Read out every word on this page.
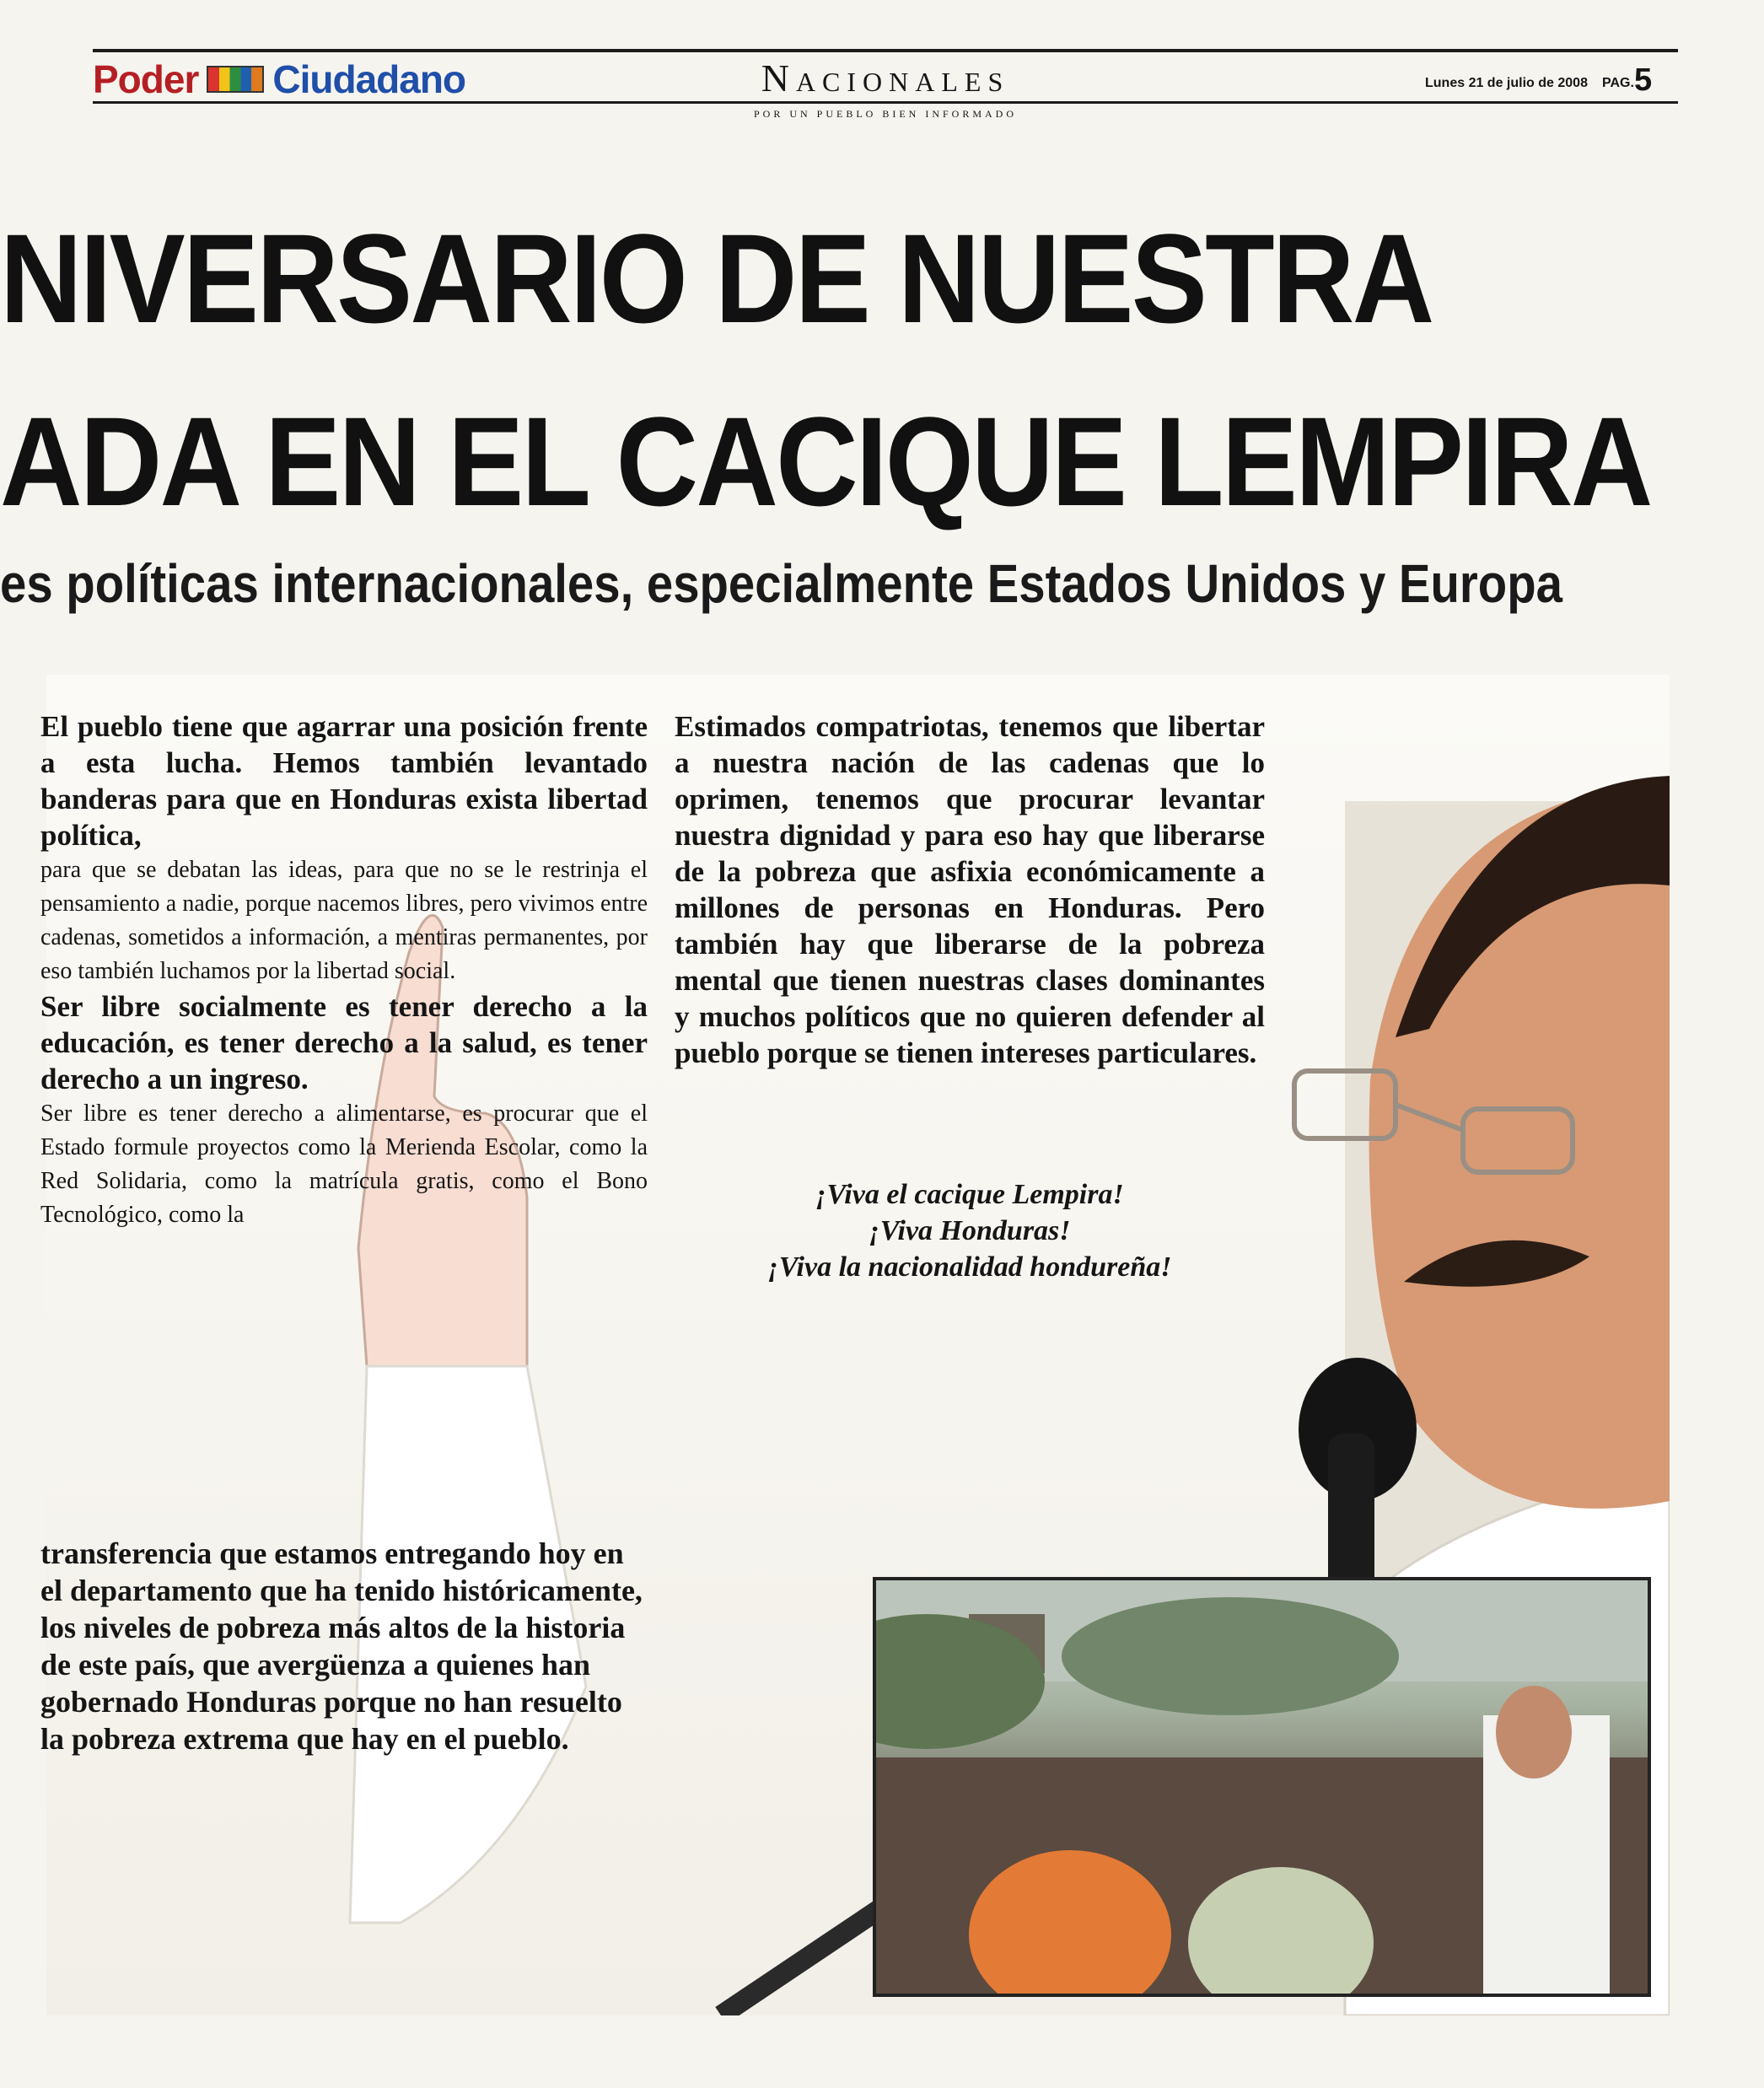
Poder Ciudadano	Nacionales
POR UN PUEBLO BIEN INFORMADO
Lunes 21 de julio de 2008 PAG. 5
NIVERSARIO DE NUESTRA
ADA EN EL CACIQUE LEMPIRA
es políticas internacionales, especialmente Estados Unidos y Europa

El pueblo tiene que agarrar una posición frente a esta lucha. Hemos también levantado banderas para que en Honduras exista libertad política,

para que se debatan las ideas, para que no se le restrinja el pensamiento a nadie, porque nacemos libres, pero vivimos entre cadenas, sometidos a información, a mentiras permanentes, por eso también luchamos por la libertad social.

Ser libre socialmente es tener derecho a la educación, es tener derecho a la salud, es tener derecho a un ingreso.

Ser libre es tener derecho a alimentarse, es procurar que el Estado formule proyectos como la Merienda Escolar, como la Red Solidaria, como la matrícula gratis, como el Bono Tecnológico, como la

transferencia que estamos entregando hoy en el departamento que ha tenido históricamente, los niveles de pobreza más altos de la historia de este país, que avergüenza a quienes han gobernado Honduras porque no han resuelto la pobreza extrema que hay en el pueblo.

Estimados compatriotas, tenemos que libertar a nuestra nación de las cadenas que lo oprimen, tenemos que procurar levantar nuestra dignidad y para eso hay que liberarse de la pobreza que asfixia económicamente a millones de personas en Honduras. Pero también hay que liberarse de la pobreza mental que tienen nuestras clases dominantes y muchos políticos que no quieren defender al pueblo porque se tienen intereses particulares.

¡Viva el cacique Lempira!

¡Viva Honduras!

¡Viva la nacionalidad hondureña!
